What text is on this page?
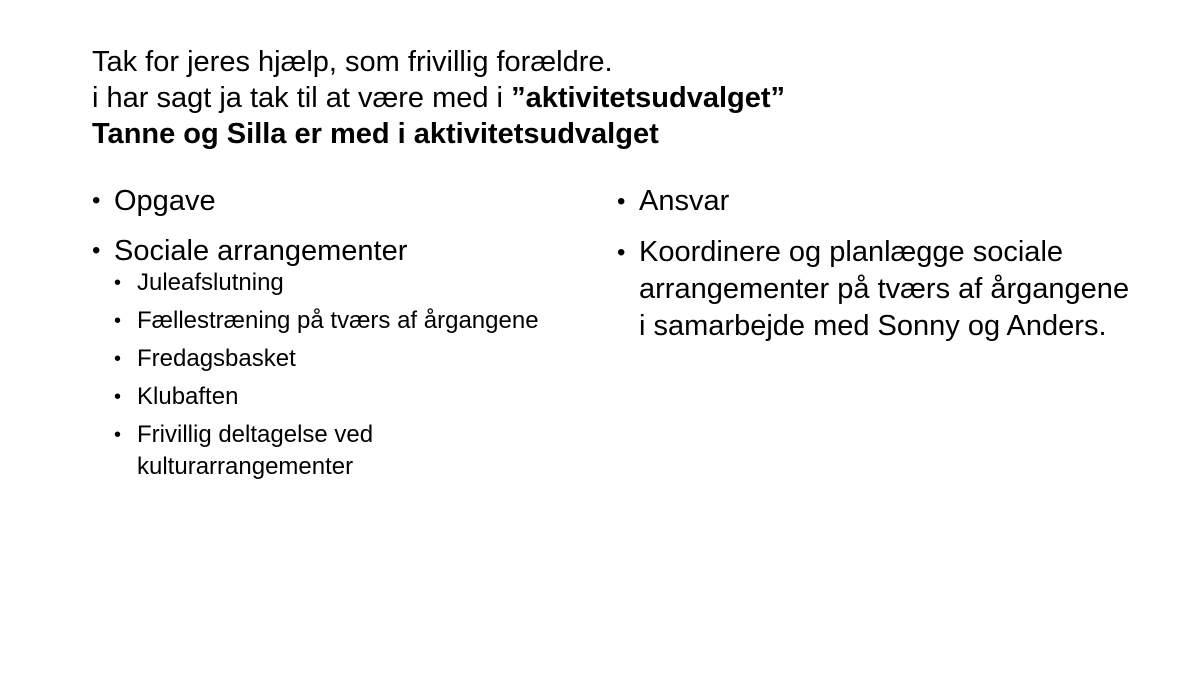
Tak for jeres hjælp, som frivillig forældre.
i har sagt ja tak til at være med i ”aktivitetsudvalget”
Tanne og Silla er med i aktivitetsudvalget
• Opgave
• Sociale arrangementer
• Juleafslutning
• Fællestræning på tværs af årgangene
• Fredagsbasket
• Klubaften
• Frivillig deltagelse ved kulturarrangementer
• Ansvar
• Koordinere og planlægge sociale arrangementer på tværs af årgangene i samarbejde med Sonny og Anders.
